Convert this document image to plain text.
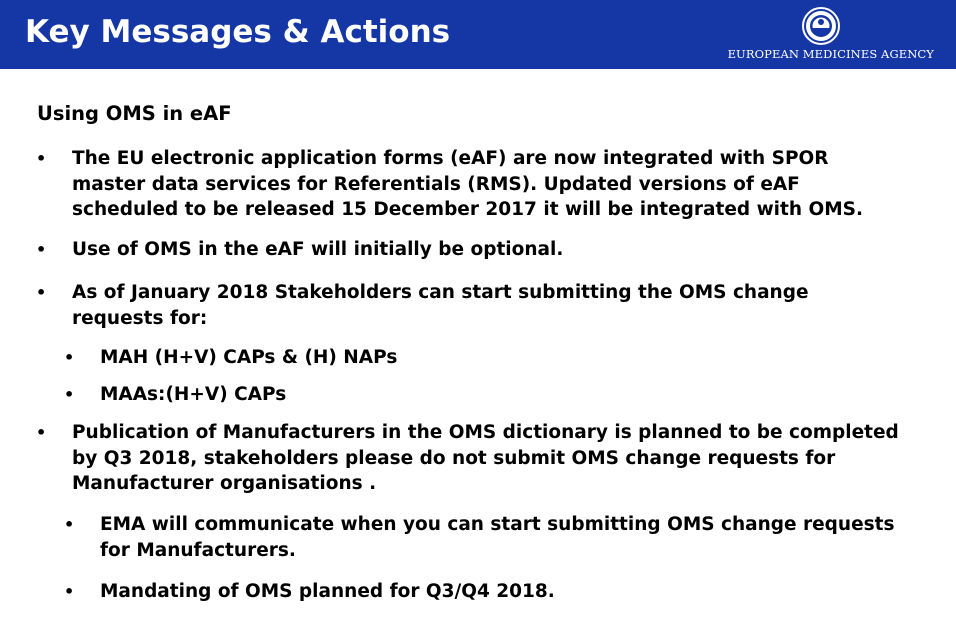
Key Messages & Actions
EUROPEAN MEDICINES AGENCY
Using OMS in eAF
• The EU electronic application forms (eAF) are now integrated with SPOR
master data services for Referentials (RMS). Updated versions of eAF
scheduled to be released 15 December 2017 it will be integrated with OMS.
• Use of OMS in the eAF will initially be optional.
• As of January 2018 Stakeholders can start submitting the OMS change
requests for:
• MAH (H+V) CAPs & (H) NAPs
• MAAs:(H+V) CAPs
• Publication of Manufacturers in the OMS dictionary is planned to be completed
by Q3 2018, stakeholders please do not submit OMS change requests for
Manufacturer organisations .
• EMA will communicate when you can start submitting OMS change requests
for Manufacturers.
• Mandating of OMS planned for Q3/Q4 2018.
